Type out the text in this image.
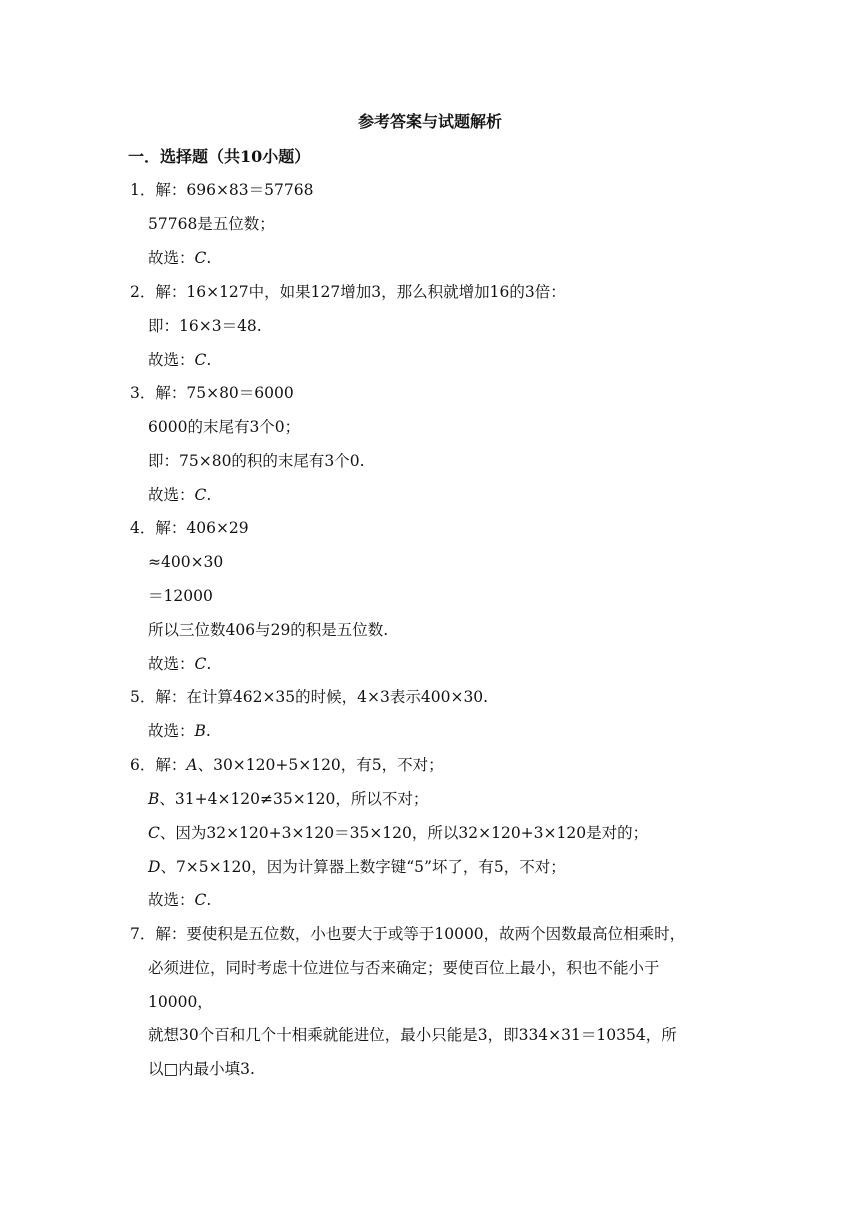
参考答案与试题解析
一．选择题（共10小题）
1．解：696×83＝57768
57768是五位数；
故选：C.
2．解：16×127中，如果127增加3，那么积就增加16的3倍：
即：16×3＝48.
故选：C.
3．解：75×80＝6000
6000的末尾有3个0；
即：75×80的积的末尾有3个0.
故选：C.
4．解：406×29
≈400×30
＝12000
所以三位数406与29的积是五位数.
故选：C.
5．解：在计算462×35的时候，4×3表示400×30.
故选：B.
6．解：A、30×120+5×120，有5，不对；
B、31+4×120≠35×120，所以不对；
C、因为32×120+3×120＝35×120，所以32×120+3×120是对的；
D、7×5×120，因为计算器上数字键“5”坏了，有5，不对；
故选：C.
7．解：要使积是五位数，小也要大于或等于10000，故两个因数最高位相乘时，
必须进位，同时考虑十位进位与否来确定；要使百位上最小，积也不能小于
10000，
就想30个百和几个十相乘就能进位，最小只能是3，即334×31＝10354，所
以□内最小填3.
